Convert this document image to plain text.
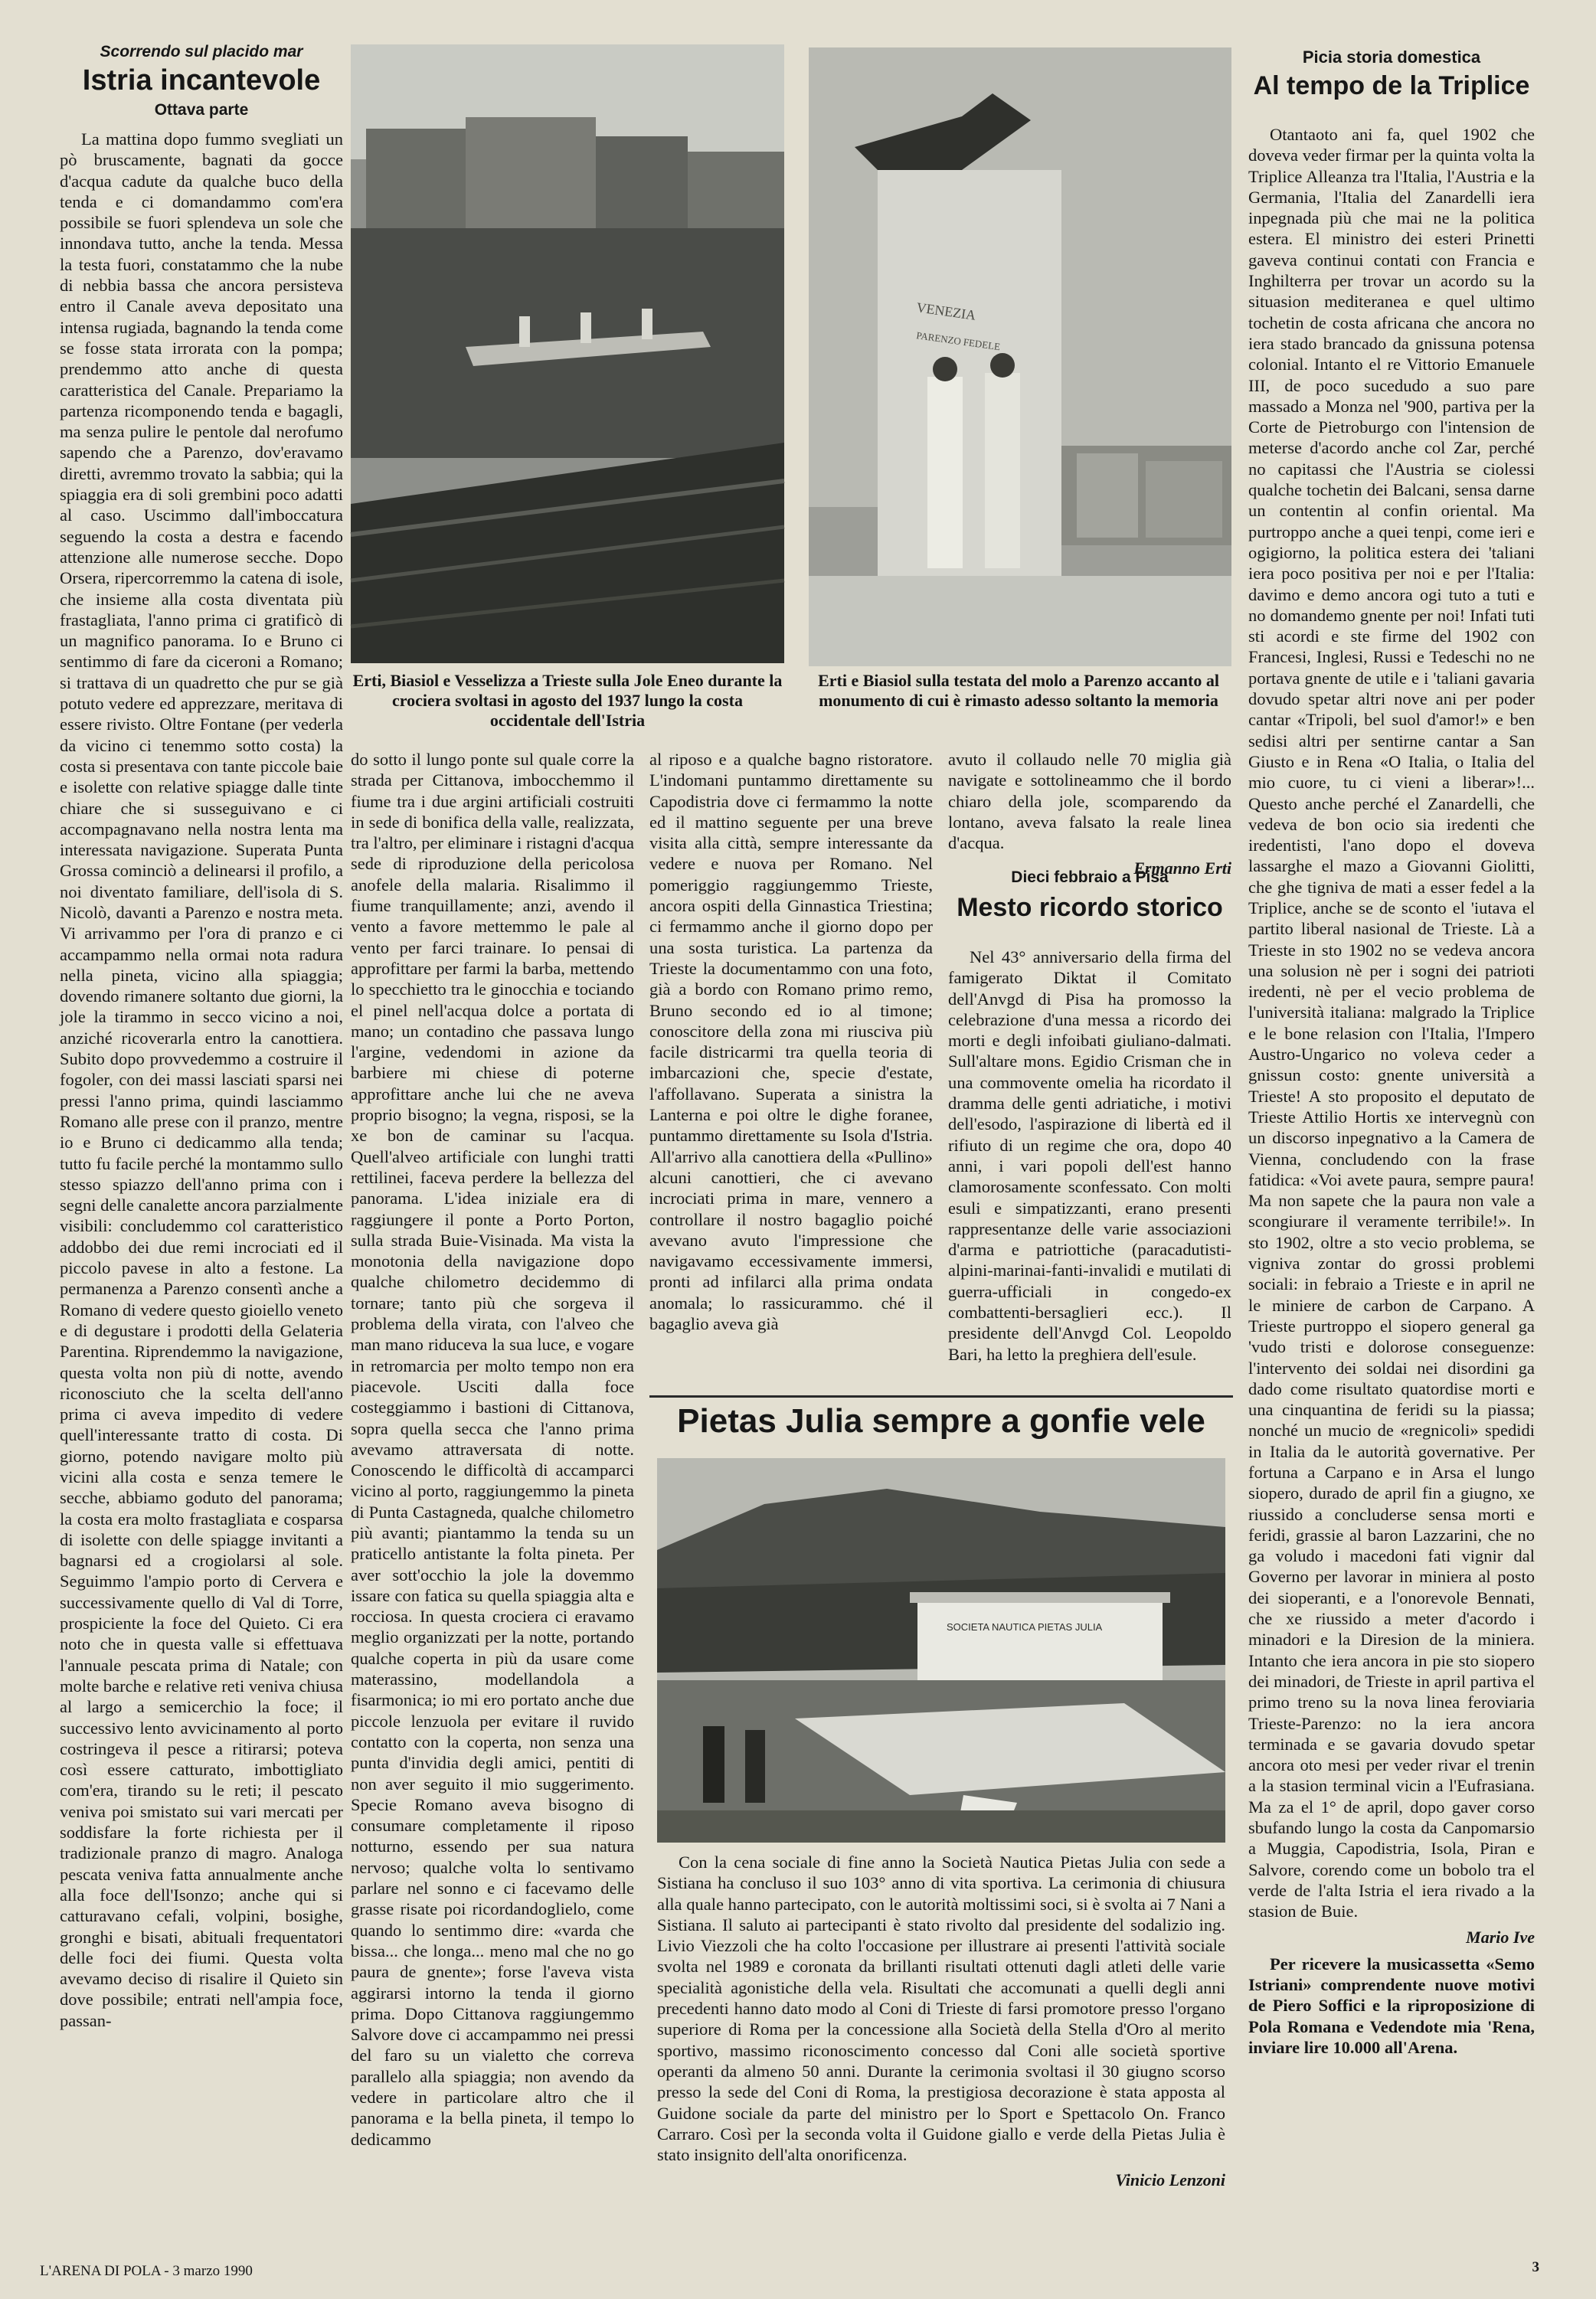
Scorrendo sul placido mar

Istria incantevole

Ottava parte

La mattina dopo fummo svegliati un pò bruscamente, bagnati da gocce d'acqua cadute da qualche buco della tenda e ci domandammo com'era possibile se fuori splendeva un sole che innondava tutto, anche la tenda. Messa la testa fuori, constatammo che la nube di nebbia bassa che ancora persisteva entro il Canale aveva depositato una intensa rugiada, bagnando la tenda come se fosse stata irrorata con la pompa; prendemmo atto anche di questa caratteristica del Canale. Prepariamo la partenza ricomponendo tenda e bagagli, ma senza pulire le pentole dal nerofumo sapendo che a Parenzo, dov'eravamo diretti, avremmo trovato la sabbia; qui la spiaggia era di soli grembini poco adatti al caso. Uscimmo dall'imboccatura seguendo la costa a destra e facendo attenzione alle numerose secche. Dopo Orsera, ripercorremmo la catena di isole, che insieme alla costa diventata più frastagliata, l'anno prima ci gratificò di un magnifico panorama. Io e Bruno ci sentimmo di fare da ciceroni a Romano; si trattava di un quadretto che pur se già potuto vedere ed apprezzare, meritava di essere rivisto. Oltre Fontane (per vederla da vicino ci tenemmo sotto costa) la costa si presentava con tante piccole baie e isolette con relative spiagge dalle tinte chiare che si susseguivano e ci accompagnavano nella nostra lenta ma interessata navigazione. Superata Punta Grossa cominciò a delinearsi il profilo, a noi diventato familiare, dell'isola di S. Nicolò, davanti a Parenzo e nostra meta. Vi arrivammo per l'ora di pranzo e ci accampammo nella ormai nota radura nella pineta, vicino alla spiaggia; dovendo rimanere soltanto due giorni, la jole la tirammo in secco vicino a noi, anziché ricoverarla entro la canottiera. Subito dopo provvedemmo a costruire il fogoler, con dei massi lasciati sparsi nei pressi l'anno prima, quindi lasciammo Romano alle prese con il pranzo, mentre io e Bruno ci dedicammo alla tenda; tutto fu facile perché la montammo sullo stesso spiazzo dell'anno prima con i segni delle canalette ancora parzialmente visibili: concludemmo col caratteristico addobbo dei due remi incrociati ed il piccolo pavese in alto a festone. La permanenza a Parenzo consentì anche a Romano di vedere questo gioiello veneto e di degustare i prodotti della Gelateria Parentina. Riprendemmo la navigazione, questa volta non più di notte, avendo riconosciuto che la scelta dell'anno prima ci aveva impedito di vedere quell'interessante tratto di costa. Di giorno, potendo navigare molto più vicini alla costa e senza temere le secche, abbiamo goduto del panorama; la costa era molto frastagliata e cosparsa di isolette con delle spiagge invitanti a bagnarsi ed a crogiolarsi al sole. Seguimmo l'ampio porto di Cervera e successivamente quello di Val di Torre, prospiciente la foce del Quieto. Ci era noto che in questa valle si effettuava l'annuale pescata prima di Natale; con molte barche e relative reti veniva chiusa al largo a semicerchio la foce; il successivo lento avvicinamento al porto costringeva il pesce a ritirarsi; poteva così essere catturato, imbottigliato com'era, tirando su le reti; il pescato veniva poi smistato sui vari mercati per soddisfare la forte richiesta per il tradizionale pranzo di magro. Analoga pescata veniva fatta annualmente anche alla foce dell'Isonzo; anche qui si catturavano cefali, volpini, bosighe, gronghi e bisati, abituali frequentatori delle foci dei fiumi. Questa volta avevamo deciso di risalire il Quieto sin dove possibile; entrati nell'ampia foce, passan-

VENEZIA
PARENZO FEDELE
Erti, Biasiol e Vesselizza a Trieste sulla Jole Eneo durante la crociera svoltasi in agosto del 1937 lungo la costa occidentale dell'Istria
Erti e Biasiol sulla testata del molo a Parenzo accanto al monumento di cui è rimasto adesso soltanto la memoria

do sotto il lungo ponte sul quale corre la strada per Cittanova, imbocchemmo il fiume tra i due argini artificiali costruiti in sede di bonifica della valle, realizzata, tra l'altro, per eliminare i ristagni d'acqua sede di riproduzione della pericolosa anofele della malaria. Risalimmo il fiume tranquillamente; anzi, avendo il vento a favore mettemmo le pale al vento per farci trainare. Io pensai di approfittare per farmi la barba, mettendo lo specchietto tra le ginocchia e tociando el pinel nell'acqua dolce a portata di mano; un contadino che passava lungo l'argine, vedendomi in azione da barbiere mi chiese di poterne approfittare anche lui che ne aveva proprio bisogno; la vegna, risposi, se la xe bon de caminar su l'acqua. Quell'alveo artificiale con lunghi tratti rettilinei, faceva perdere la bellezza del panorama. L'idea iniziale era di raggiungere il ponte a Porto Porton, sulla strada Buie-Visinada. Ma vista la monotonia della navigazione dopo qualche chilometro decidemmo di tornare; tanto più che sorgeva il problema della virata, con l'alveo che man mano riduceva la sua luce, e vogare in retromarcia per molto tempo non era piacevole. Usciti dalla foce costeggiammo i bastioni di Cittanova, sopra quella secca che l'anno prima avevamo attraversata di notte. Conoscendo le difficoltà di accamparci vicino al porto, raggiungemmo la pineta di Punta Castagneda, qualche chilometro più avanti; piantammo la tenda su un praticello antistante la folta pineta. Per aver sott'occhio la jole la dovemmo issare con fatica su quella spiaggia alta e rocciosa. In questa crociera ci eravamo meglio organizzati per la notte, portando qualche coperta in più da usare come materassino, modellandola a fisarmonica; io mi ero portato anche due piccole lenzuola per evitare il ruvido contatto con la coperta, non senza una punta d'invidia degli amici, pentiti di non aver seguito il mio suggerimento. Specie Romano aveva bisogno di consumare completamente il riposo notturno, essendo per sua natura nervoso; qualche volta lo sentivamo parlare nel sonno e ci facevamo delle grasse risate poi ricordandoglielo, come quando lo sentimmo dire: «varda che bissa... che longa... meno mal che no go paura de gnente»; forse l'aveva vista aggirarsi intorno la tenda il giorno prima. Dopo Cittanova raggiungemmo Salvore dove ci accampammo nei pressi del faro su un vialetto che correva parallelo alla spiaggia; non avendo da vedere in particolare altro che il panorama e la bella pineta, il tempo lo dedicammo

al riposo e a qualche bagno ristoratore. L'indomani puntammo direttamente su Capodistria dove ci fermammo la notte ed il mattino seguente per una breve visita alla città, sempre interessante da vedere e nuova per Romano. Nel pomeriggio raggiungemmo Trieste, ancora ospiti della Ginnastica Triestina; ci fermammo anche il giorno dopo per una sosta turistica. La partenza da Trieste la documentammo con una foto, già a bordo con Romano primo remo, Bruno secondo ed io al timone; conoscitore della zona mi riusciva più facile districarmi tra quella teoria di imbarcazioni che, specie d'estate, l'affollavano. Superata a sinistra la Lanterna e poi oltre le dighe foranee, puntammo direttamente su Isola d'Istria. All'arrivo alla canottiera della «Pullino» alcuni canottieri, che ci avevano incrociati prima in mare, vennero a controllare il nostro bagaglio poiché avevano avuto l'impressione che navigavamo eccessivamente immersi, pronti ad infilarci alla prima ondata anomala; lo rassicurammo. ché il bagaglio aveva già

avuto il collaudo nelle 70 miglia già navigate e sottolineammo che il bordo chiaro della jole, scomparendo da lontano, aveva falsato la reale linea d'acqua.

Ermanno Erti

Dieci febbraio a Pisa

Mesto ricordo storico

Nel 43° anniversario della firma del famigerato Diktat il Comitato dell'Anvgd di Pisa ha promosso la celebrazione d'una messa a ricordo dei morti e degli infoibati giuliano-dalmati. Sull'altare mons. Egidio Crisman che in una commovente omelia ha ricordato il dramma delle genti adriatiche, i motivi dell'esodo, l'aspirazione di libertà ed il rifiuto di un regime che ora, dopo 40 anni, i vari popoli dell'est hanno clamorosamente sconfessato. Con molti esuli e simpatizzanti, erano presenti rappresentanze delle varie associazioni d'arma e patriottiche (paracadutisti-alpini-marinai-fanti-invalidi e mutilati di guerra-ufficiali in congedo-ex combattenti-bersaglieri ecc.). Il presidente dell'Anvgd Col. Leopoldo Bari, ha letto la preghiera dell'esule.

Pietas Julia sempre a gonfie vele

SOCIETA NAUTICA PIETAS JULIA

Con la cena sociale di fine anno la Società Nautica Pietas Julia con sede a Sistiana ha concluso il suo 103° anno di vita sportiva. La cerimonia di chiusura alla quale hanno partecipato, con le autorità moltissimi soci, si è svolta ai 7 Nani a Sistiana. Il saluto ai partecipanti è stato rivolto dal presidente del sodalizio ing. Livio Viezzoli che ha colto l'occasione per illustrare ai presenti l'attività sociale svolta nel 1989 e coronata da brillanti risultati ottenuti dagli atleti delle varie specialità agonistiche della vela. Risultati che accomunati a quelli degli anni precedenti hanno dato modo al Coni di Trieste di farsi promotore presso l'organo superiore di Roma per la concessione alla Società della Stella d'Oro al merito sportivo, massimo riconoscimento concesso dal Coni alle società sportive operanti da almeno 50 anni. Durante la cerimonia svoltasi il 30 giugno scorso presso la sede del Coni di Roma, la prestigiosa decorazione è stata apposta al Guidone sociale da parte del ministro per lo Sport e Spettacolo On. Franco Carraro. Così per la seconda volta il Guidone giallo e verde della Pietas Julia è stato insignito dell'alta onorificenza.

Vinicio Lenzoni

Picia storia domestica

Al tempo de la Triplice

Otantaoto ani fa, quel 1902 che doveva veder firmar per la quinta volta la Triplice Alleanza tra l'Italia, l'Austria e la Germania, l'Italia del Zanardelli iera inpegnada più che mai ne la politica estera. El ministro dei esteri Prinetti gaveva continui contati con Francia e Inghilterra per trovar un acordo su la situasion mediteranea e quel ultimo tochetin de costa africana che ancora no iera stado brancado da gnissuna potensa colonial. Intanto el re Vittorio Emanuele III, de poco sucedudo a suo pare massado a Monza nel '900, partiva per la Corte de Pietroburgo con l'intension de meterse d'acordo anche col Zar, perché no capitassi che l'Austria se ciolessi qualche tochetin dei Balcani, sensa darne un contentin al confin oriental. Ma purtroppo anche a quei tenpi, come ieri e ogigiorno, la politica estera dei 'taliani iera poco positiva per noi e per l'Italia: davimo e demo ancora ogi tuto a tuti e no domandemo gnente per noi! Infati tuti sti acordi e ste firme del 1902 con Francesi, Inglesi, Russi e Tedeschi no ne portava gnente de utile e i 'taliani gavaria dovudo spetar altri nove ani per poder cantar «Tripoli, bel suol d'amor!» e ben sedisi altri per sentirne cantar a San Giusto e in Rena «O Italia, o Italia del mio cuore, tu ci vieni a liberar»!... Questo anche perché el Zanardelli, che vedeva de bon ocio sia iredenti che iredentisti, l'ano dopo el doveva lassarghe el mazo a Giovanni Giolitti, che ghe tigniva de mati a esser fedel a la Triplice, anche se de sconto el 'iutava el partito liberal nasional de Trieste. Là a Trieste in sto 1902 no se vedeva ancora una solusion nè per i sogni dei patrioti iredenti, nè per el vecio problema de l'università italiana: malgrado la Triplice e le bone relasion con l'Italia, l'Impero Austro-Ungarico no voleva ceder a gnissun costo: gnente università a Trieste! A sto proposito el deputato de Trieste Attilio Hortis xe intervegnù con un discorso inpegnativo a la Camera de Vienna, concludendo con la frase fatidica: «Voi avete paura, sempre paura! Ma non sapete che la paura non vale a scongiurare il veramente terribile!». In sto 1902, oltre a sto vecio problema, se vigniva zontar do grossi problemi sociali: in febraio a Trieste e in april ne le miniere de carbon de Carpano. A Trieste purtroppo el siopero general ga 'vudo tristi e dolorose conseguenze: l'intervento dei soldai nei disordini ga dado come risultato quatordise morti e una cinquantina de feridi su la piassa; nonché un mucio de «regnicoli» spedidi in Italia da le autorità governative. Per fortuna a Carpano e in Arsa el lungo siopero, durado de april fin a giugno, xe riussido a concluderse sensa morti e feridi, grassie al baron Lazzarini, che no ga voludo i macedoni fati vignir dal Governo per lavorar in miniera al posto dei sioperanti, e a l'onorevole Bennati, che xe riussido a meter d'acordo i minadori e la Diresion de la miniera. Intanto che iera ancora in pie sto siopero dei minadori, de Trieste in april partiva el primo treno su la nova linea feroviaria Trieste-Parenzo: no la iera ancora terminada e se gavaria dovudo spetar ancora oto mesi per veder rivar el trenin a la stasion terminal vicin a l'Eufrasiana. Ma za el 1° de april, dopo gaver corso sbufando lungo la costa da Canpomarsio a Muggia, Capodistria, Isola, Piran e Salvore, corendo come un bobolo tra el verde de l'alta Istria el iera rivado a la stasion de Buie.

Mario Ive

Per ricevere la musicassetta «Semo Istriani» comprendente nuove motivi de Piero Soffici e la riproposizione di Pola Romana e Vedendote mia 'Rena, inviare lire 10.000 all'Arena.

L'ARENA DI POLA - 3 marzo 1990	3
